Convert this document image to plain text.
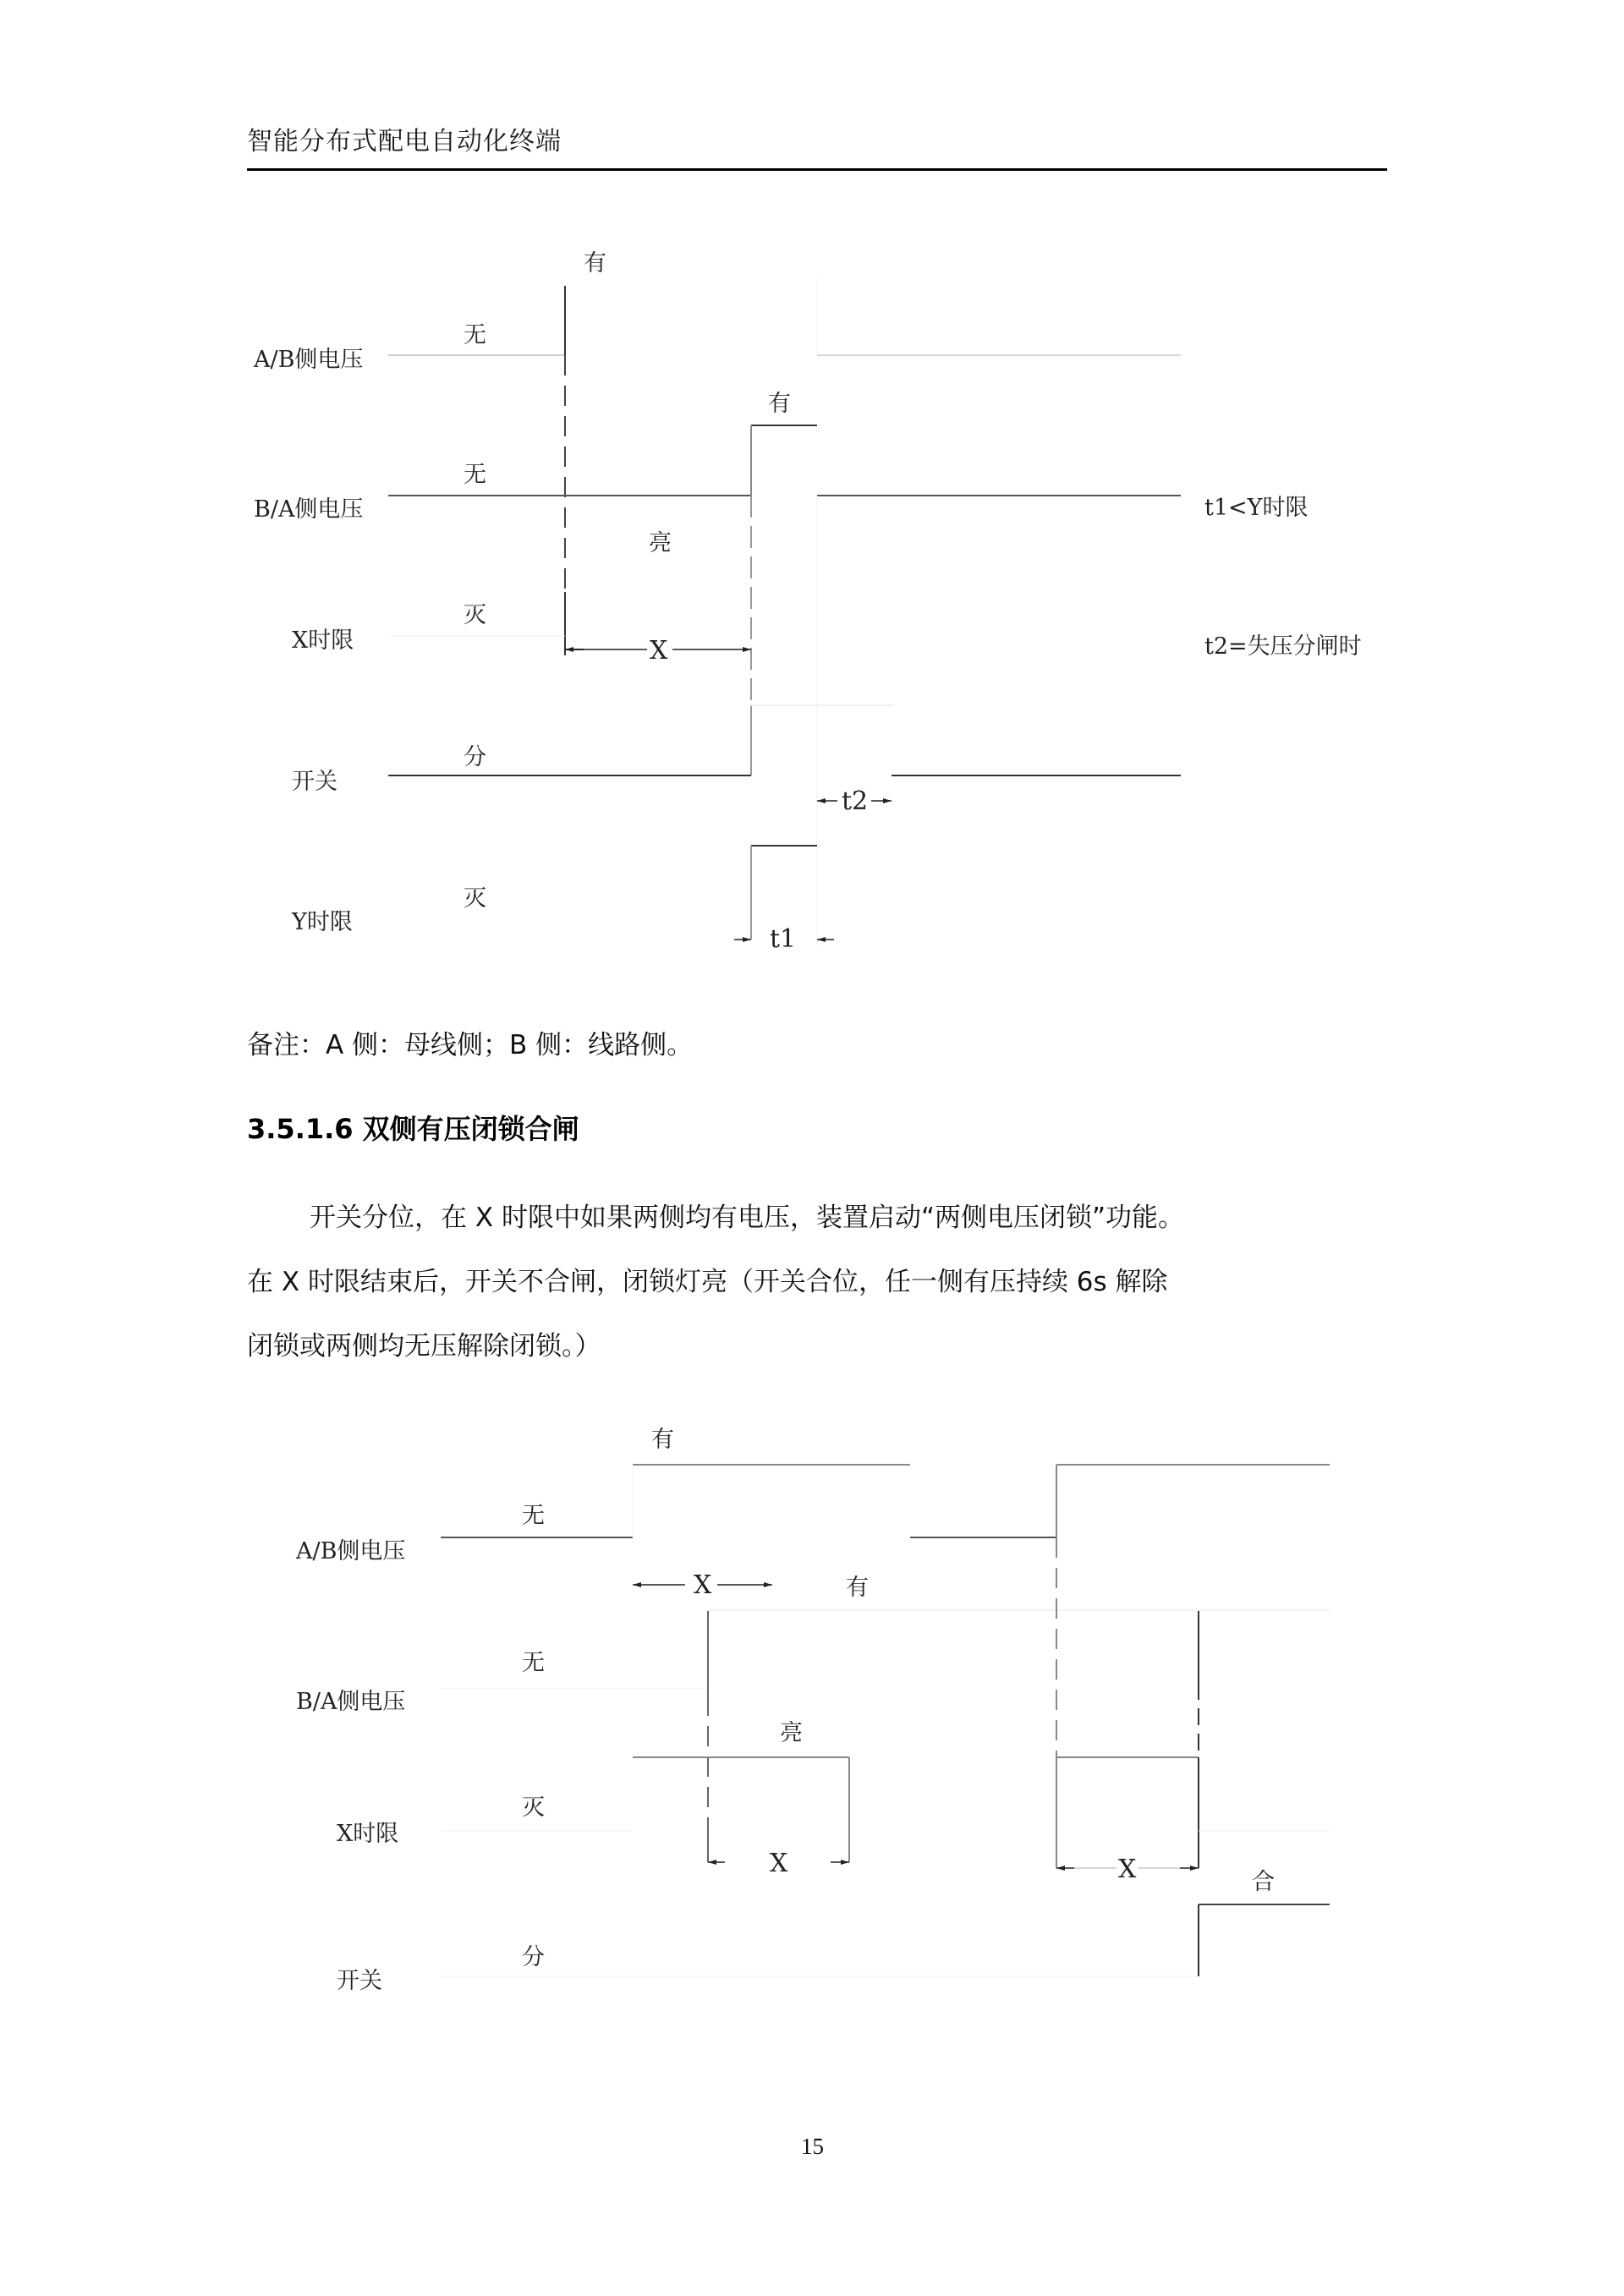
智能分布式配电自动化终端
A/B侧电压
B/A侧电压
X时限
开关
Y时限
有
无
有
无
亮
灭
分
灭
X
t2
t1
t1<Y时限
t2=失压分闸时
备注：A 侧：母线侧；B 侧：线路侧。
3.5.1.6 双侧有压闭锁合闸
开关分位，在 X 时限中如果两侧均有电压，装置启动“两侧电压闭锁”功能。
在 X 时限结束后，开关不合闸，闭锁灯亮（开关合位，任一侧有压持续 6s 解除
闭锁或两侧均无压解除闭锁。）
A/B侧电压
B/A侧电压
X时限
开关
有
无
有
无
亮
灭
分
合
X
X	X
15
